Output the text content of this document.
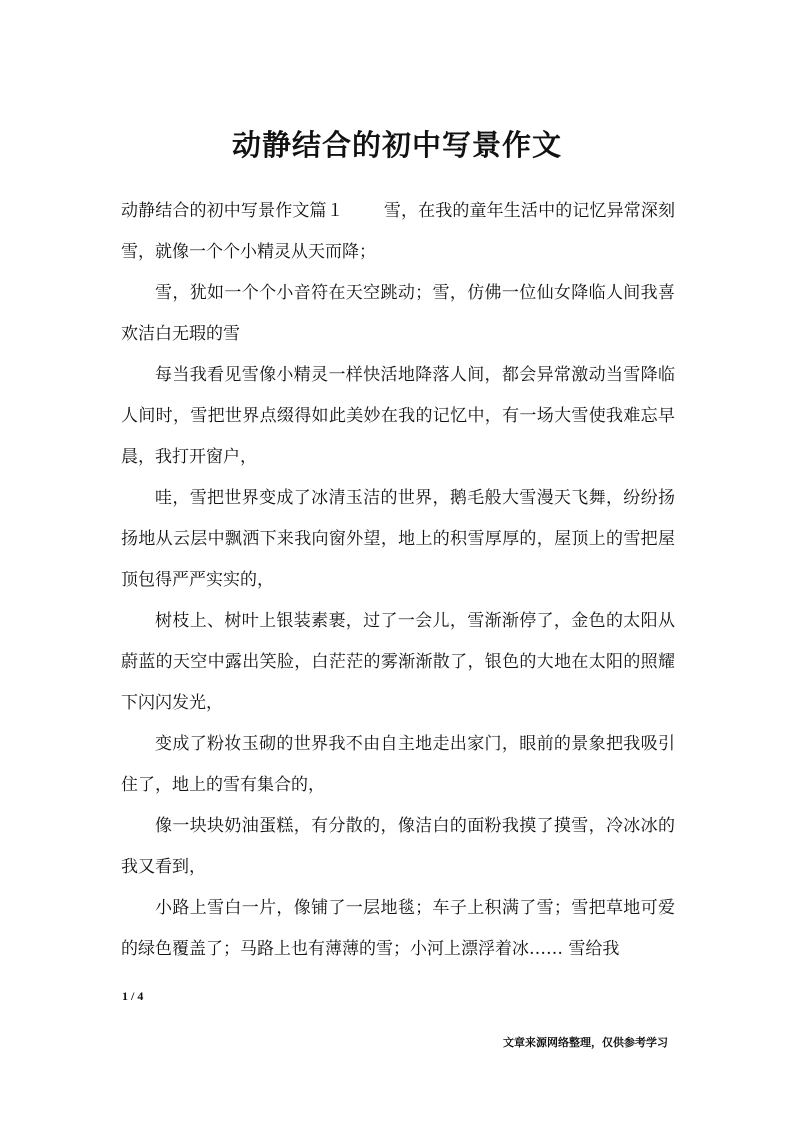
动静结合的初中写景作文

动静结合的初中写景作文篇１ 雪，在我的童年生活中的记忆异常深刻雪，就像一个个小精灵从天而降；

雪，犹如一个个小音符在天空跳动；雪，仿佛一位仙女降临人间我喜欢洁白无瑕的雪

每当我看见雪像小精灵一样快活地降落人间，都会异常激动当雪降临人间时，雪把世界点缀得如此美妙在我的记忆中，有一场大雪使我难忘早晨，我打开窗户，

哇，雪把世界变成了冰清玉洁的世界，鹅毛般大雪漫天飞舞，纷纷扬扬地从云层中飘洒下来我向窗外望，地上的积雪厚厚的，屋顶上的雪把屋顶包得严严实实的，

树枝上、树叶上银装素裹，过了一会儿，雪渐渐停了，金色的太阳从蔚蓝的天空中露出笑脸，白茫茫的雾渐渐散了，银色的大地在太阳的照耀下闪闪发光，

变成了粉妆玉砌的世界我不由自主地走出家门，眼前的景象把我吸引住了，地上的雪有集合的，

像一块块奶油蛋糕，有分散的，像洁白的面粉我摸了摸雪，冷冰冰的我又看到，

小路上雪白一片，像铺了一层地毯；车子上积满了雪；雪把草地可爱的绿色覆盖了；马路上也有薄薄的雪；小河上漂浮着冰…… 雪给我

1 / 4

文章来源网络整理，仅供参考学习
